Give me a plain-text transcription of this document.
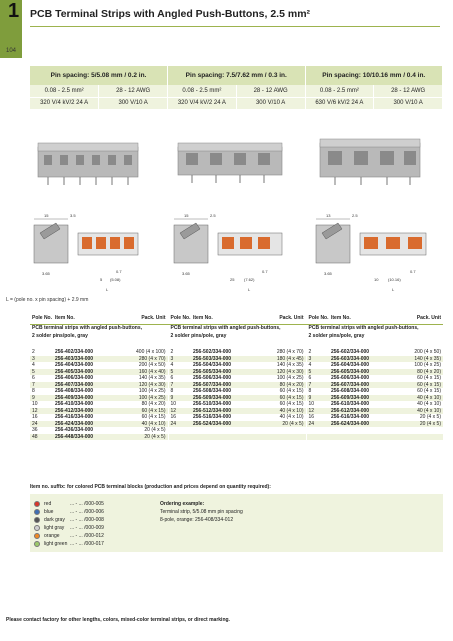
1
104
PCB Terminal Strips with Angled Push-Buttons, 2.5 mm²
Pin spacing: 5/5.08 mm / 0.2 in.		Pin spacing: 7.5/7.62 mm / 0.3 in.		Pin spacing: 10/10.16 mm / 0.4 in.	
0.08 - 2.5 mm²	28 - 12 AWG	0.08 - 2.5 mm²	28 - 12 AWG	0.08 - 2.5 mm²	28 - 12 AWG
320 V/4 kV/2 24 A	300 V/10 A	320 V/4 kV/2 24 A	300 V/10 A	630 V/6 kV/2 24 A	300 V/10 A
15	3.5
3.65	0.7
5 (5.08)
L
15	2.5
3.65	0.7
25 (7.62)
L
13	2.5
3.65	0.7
10 (10.16)
L
L = (pole no. x pin spacing) + 2.9 mm
Pole No.	Item No.	Pack. Unit	Pole No.	Item No.	Pack. Unit	Pole No.	Item No.	Pack. Unit
PCB terminal strips with angled push-buttons,			PCB terminal strips with angled push-buttons,			PCB terminal strips with angled push-buttons,		
2 solder pins/pole, gray			2 solder pins/pole, gray			2 solder pins/pole, gray		

2	256-402/334-000	400 (4 x 100)	2	256-502/334-000	280 (4 x 70)	2	256-602/334-000	200 (4 x 50)
3	256-403/334-000	280 (4 x 70)	3	256-503/334-000	180 (4 x 45)	3	256-603/334-000	140 (4 x 35)
4	256-404/334-000	200 (4 x 50)	4	256-504/334-000	140 (4 x 35)	4	256-604/334-000	100 (4 x 25)
5	256-405/334-000	160 (4 x 40)	5	256-505/334-000	120 (4 x 30)	5	256-605/334-000	80 (4 x 20)
6	256-406/334-000	140 (4 x 35)	6	256-506/334-000	100 (4 x 25)	6	256-606/334-000	60 (4 x 15)
7	256-407/334-000	120 (4 x 30)	7	256-507/334-000	80 (4 x 20)	7	256-607/334-000	60 (4 x 15)
8	256-408/334-000	100 (4 x 25)	8	256-508/334-000	60 (4 x 15)	8	256-608/334-000	60 (4 x 15)
9	256-409/334-000	100 (4 x 25)	9	256-509/334-000	60 (4 x 15)	9	256-609/334-000	40 (4 x 10)
10	256-410/334-000	80 (4 x 20)	10	256-510/334-000	60 (4 x 15)	10	256-610/334-000	40 (4 x 10)
12	256-412/334-000	60 (4 x 15)	12	256-512/334-000	40 (4 x 10)	12	256-612/334-000	40 (4 x 10)
16	256-416/334-000	60 (4 x 15)	16	256-516/334-000	40 (4 x 10)	16	256-616/334-000	20 (4 x 5)
24	256-424/334-000	40 (4 x 10)	24	256-524/334-000	20 (4 x 5)	24	256-624/334-000	20 (4 x 5)
36	256-436/334-000	20 (4 x 5)						
48	256-448/334-000	20 (4 x 5)						
Item no. suffix: for colored PCB terminal blocks (production and prices depend on quantity required):
red	... - ... /000-005
blue	... - ... /000-006
dark gray	... - ... /000-008
light gray	... - ... /000-009
orange	... - ... /000-012
light green ... - ... /000-017
Ordering example:
Terminal strip, 5/5.08 mm pin spacing
8-pole, orange: 256-408/334-012
Please contact factory for other lengths, colors, mixed-color terminal strips, or direct marking.
